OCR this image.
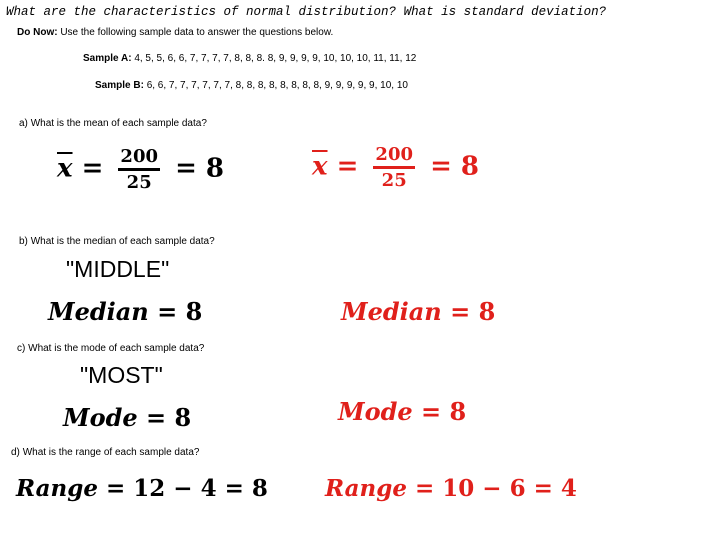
What are the characteristics of normal distribution? What is standard deviation?
Do Now: Use the following sample data to answer the questions below.
Sample A: 4, 5, 5, 6, 6, 7, 7, 7, 7, 8, 8, 8. 8, 9, 9, 9, 9, 10, 10, 10, 11, 11, 12
Sample B: 6, 6, 7, 7, 7, 7, 7, 7, 8, 8, 8, 8, 8, 8, 8, 8, 9, 9, 9, 9, 9, 10, 10
a) What is the mean of each sample data?
$\overline{x} = \frac{200}{25} = 8$	$\overline{x} = \frac{200}{25} = 8$
b) What is the median of each sample data?
"MIDDLE"
Median = 8	Median = 8
c) What is the mode of each sample data?
"MOST"
Mode = 8	Mode = 8
d) What is the range of each sample data?
Range = 12 − 4 = 8 Range = 10 − 6 = 4
